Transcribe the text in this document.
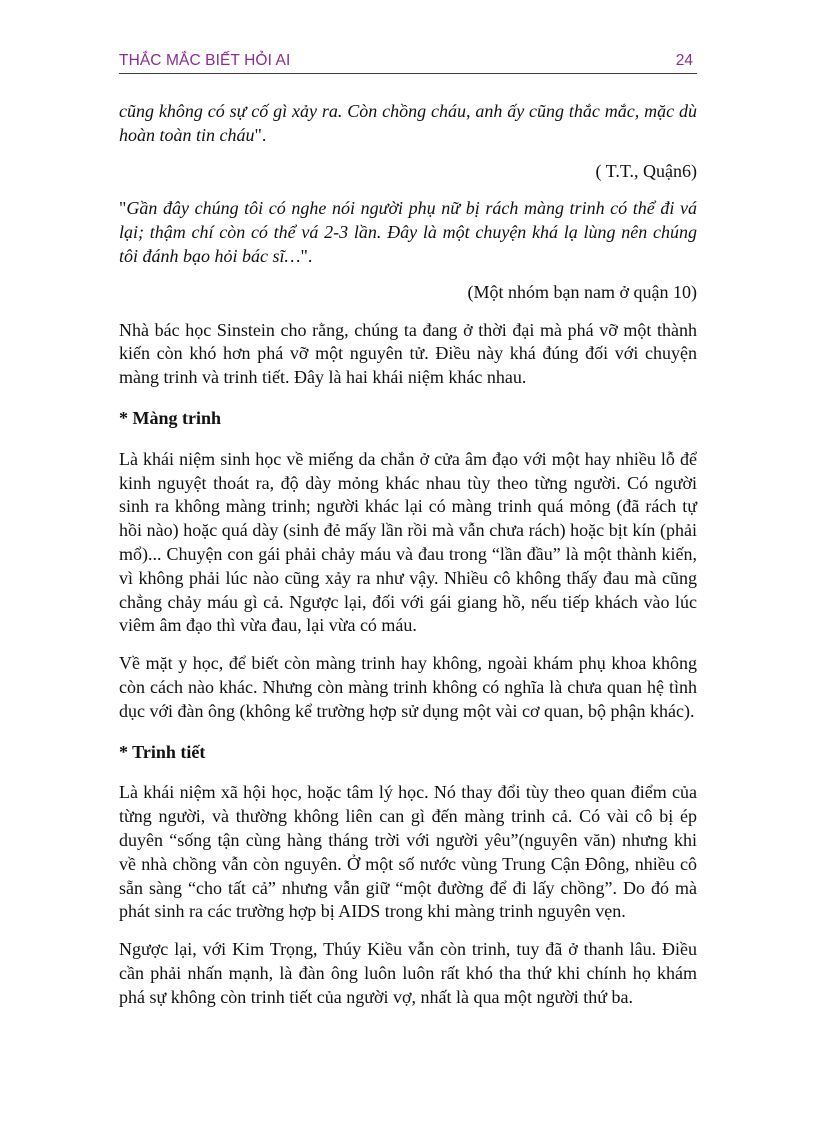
THẮC MẮC BIẾT HỎI AI	24

cũng không có sự cố gì xảy ra. Còn chồng cháu, anh ấy cũng thắc mắc, mặc dù hoàn toàn tin cháu".

( T.T., Quận6)

"Gần đây chúng tôi có nghe nói người phụ nữ bị rách màng trinh có thể đi vá lại; thậm chí còn có thể vá 2-3 lần. Đây là một chuyện khá lạ lùng nên chúng tôi đánh bạo hỏi bác sĩ…".

(Một nhóm bạn nam ở quận 10)

Nhà bác học Sinstein cho rằng, chúng ta đang ở thời đại mà phá vỡ một thành kiến còn khó hơn phá vỡ một nguyên tử. Điều này khá đúng đối với chuyện màng trinh và trinh tiết. Đây là hai khái niệm khác nhau.

* Màng trinh

Là khái niệm sinh học về miếng da chắn ở cửa âm đạo với một hay nhiều lỗ để kinh nguyệt thoát ra, độ dày mỏng khác nhau tùy theo từng người. Có người sinh ra không màng trinh; người khác lại có màng trinh quá mỏng (đã rách tự hồi nào) hoặc quá dày (sinh đẻ mấy lần rồi mà vẫn chưa rách) hoặc bịt kín (phải mổ)... Chuyện con gái phải chảy máu và đau trong “lần đầu” là một thành kiến, vì không phải lúc nào cũng xảy ra như vậy. Nhiều cô không thấy đau mà cũng chẳng chảy máu gì cả. Ngược lại, đối với gái giang hồ, nếu tiếp khách vào lúc viêm âm đạo thì vừa đau, lại vừa có máu.

Về mặt y học, để biết còn màng trinh hay không, ngoài khám phụ khoa không còn cách nào khác. Nhưng còn màng trinh không có nghĩa là chưa quan hệ tình dục với đàn ông (không kể trường hợp sử dụng một vài cơ quan, bộ phận khác).

* Trinh tiết

Là khái niệm xã hội học, hoặc tâm lý học. Nó thay đổi tùy theo quan điểm của từng người, và thường không liên can gì đến màng trinh cả. Có vài cô bị ép duyên “sống tận cùng hàng tháng trời với người yêu”(nguyên văn) nhưng khi về nhà chồng vẫn còn nguyên. Ở một số nước vùng Trung Cận Đông, nhiều cô sẵn sàng “cho tất cả” nhưng vẫn giữ “một đường để đi lấy chồng”. Do đó mà phát sinh ra các trường hợp bị AIDS trong khi màng trinh nguyên vẹn.

Ngược lại, với Kim Trọng, Thúy Kiều vẫn còn trinh, tuy đã ở thanh lâu. Điều cần phải nhấn mạnh, là đàn ông luôn luôn rất khó tha thứ khi chính họ khám phá sự không còn trinh tiết của người vợ, nhất là qua một người thứ ba.
